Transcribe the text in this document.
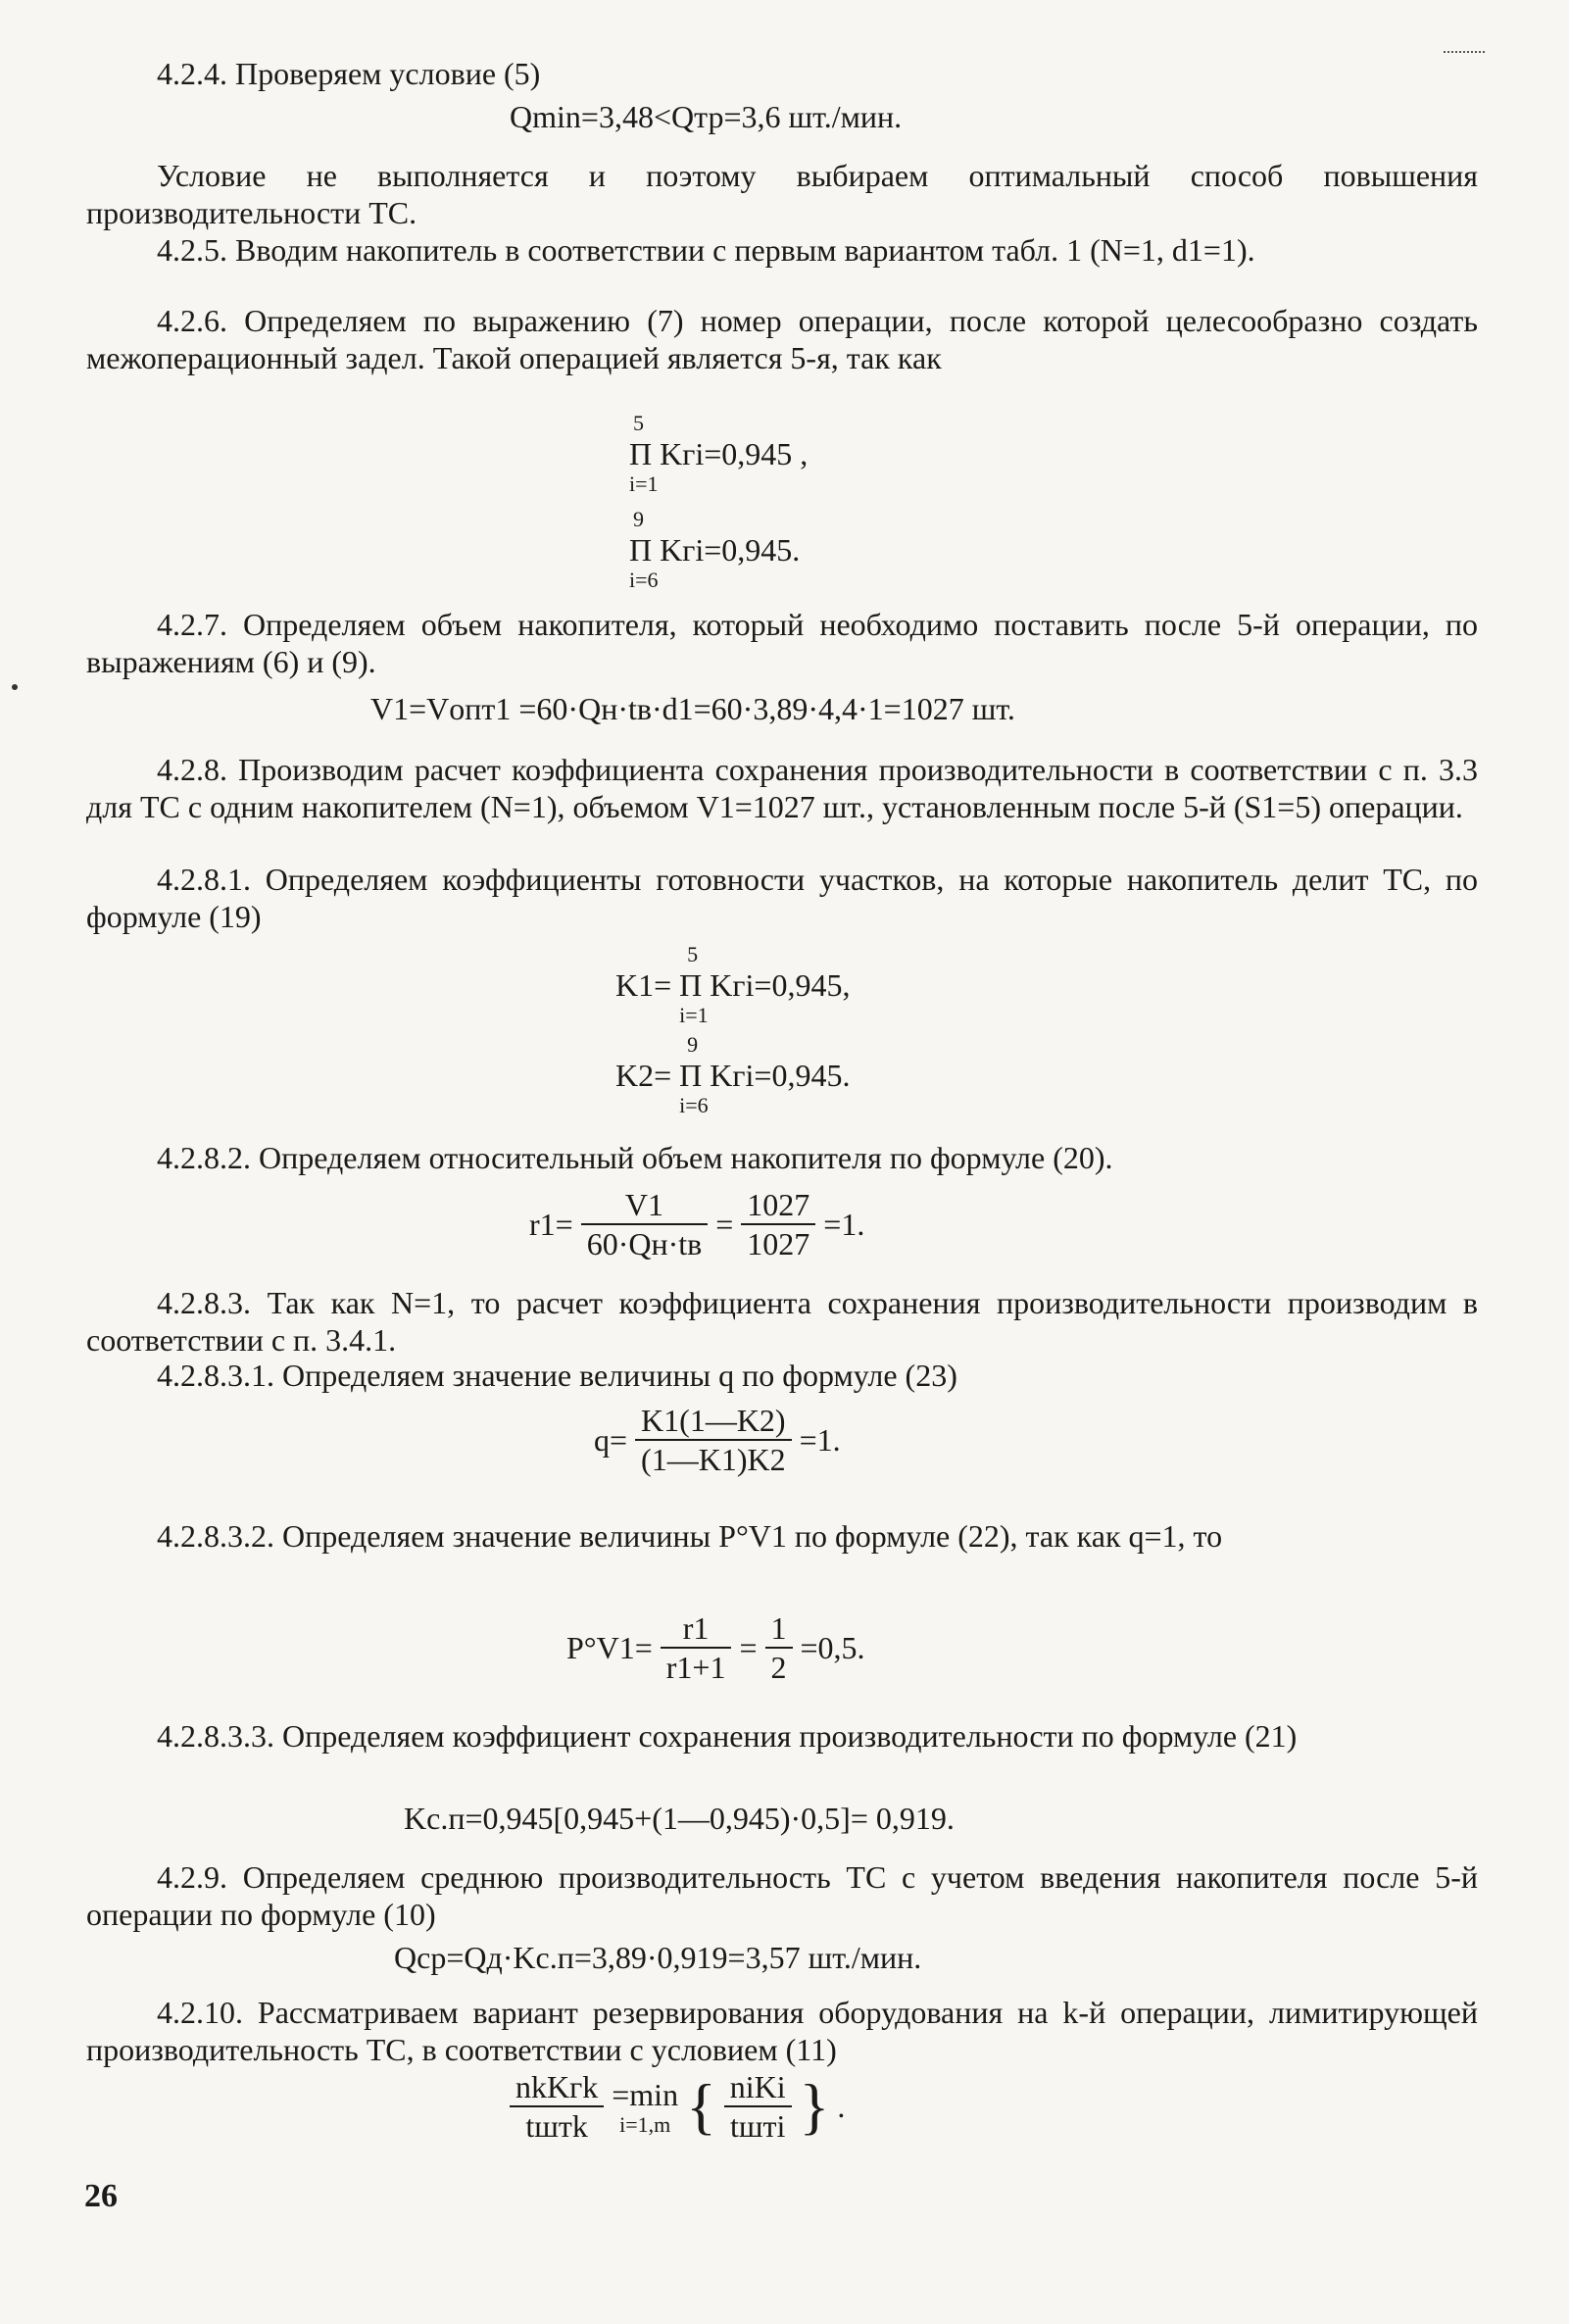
4.2.4. Проверяем условие (5)
Qmin=3,48<Qтр=3,6 шт./мин.
Условие не выполняется и поэтому выбираем оптимальный способ повышения производительности ТС.
4.2.5. Вводим накопитель в соответствии с первым вариантом табл. 1 (N=1, d1=1).
4.2.6. Определяем по выражению (7) номер операции, после которой целесообразно создать межоперационный задел. Такой операцией является 5-я, так как
5
П Kгi=0,945 ,
i=1
9
П Kгi=0,945.
i=6
4.2.7. Определяем объем накопителя, который необходимо поставить после 5-й операции, по выражениям (6) и (9).
V1=Vопт1 =60·Qн·tв·d1=60·3,89·4,4·1=1027 шт.
4.2.8. Производим расчет коэффициента сохранения производительности в соответствии с п. 3.3 для ТС с одним накопителем (N=1), объемом V1=1027 шт., установленным после 5-й (S1=5) операции.
4.2.8.1. Определяем коэффициенты готовности участков, на которые накопитель делит ТС, по формуле (19)
K1=
5
П Kгi=0,945,
i=1
K2=
9
П Kгi=0,945.
i=6
4.2.8.2. Определяем относительный объем накопителя по формуле (20).
$r1= \frac{V1}{60\cdot Qн\cdot tв} = \frac{1027}{1027} =1$.
4.2.8.3. Так как N=1, то расчет коэффициента сохранения производительности производим в соответствии с п. 3.4.1.
4.2.8.3.1. Определяем значение величины q по формуле (23)
$q= \frac{K1(1—K2)}{(1—K1)K2} =1$.
4.2.8.3.2. Определяем значение величины P°V1 по формуле (22), так как q=1, то
$P^\circ V1= \frac{r1}{r1+1} = \frac{1}{2} =0,5$.
4.2.8.3.3. Определяем коэффициент сохранения производительности по формуле (21)
Kс.п=0,945[0,945+(1—0,945)·0,5]= 0,919.
4.2.9. Определяем среднюю производительность ТС с учетом введения накопителя после 5-й операции по формуле (10)
Qср=Qд·Kс.п=3,89·0,919=3,57 шт./мин.
4.2.10. Рассматриваем вариант резервирования оборудования на k-й операции, лимитирующей производительность ТС, в соответствии с условием (11)
$\frac{\text{nkKгk}}{\text{tштk}}$
=min
i=1,m { $\frac{\text{niKi}}{\text{tштi}}$ } .
26
